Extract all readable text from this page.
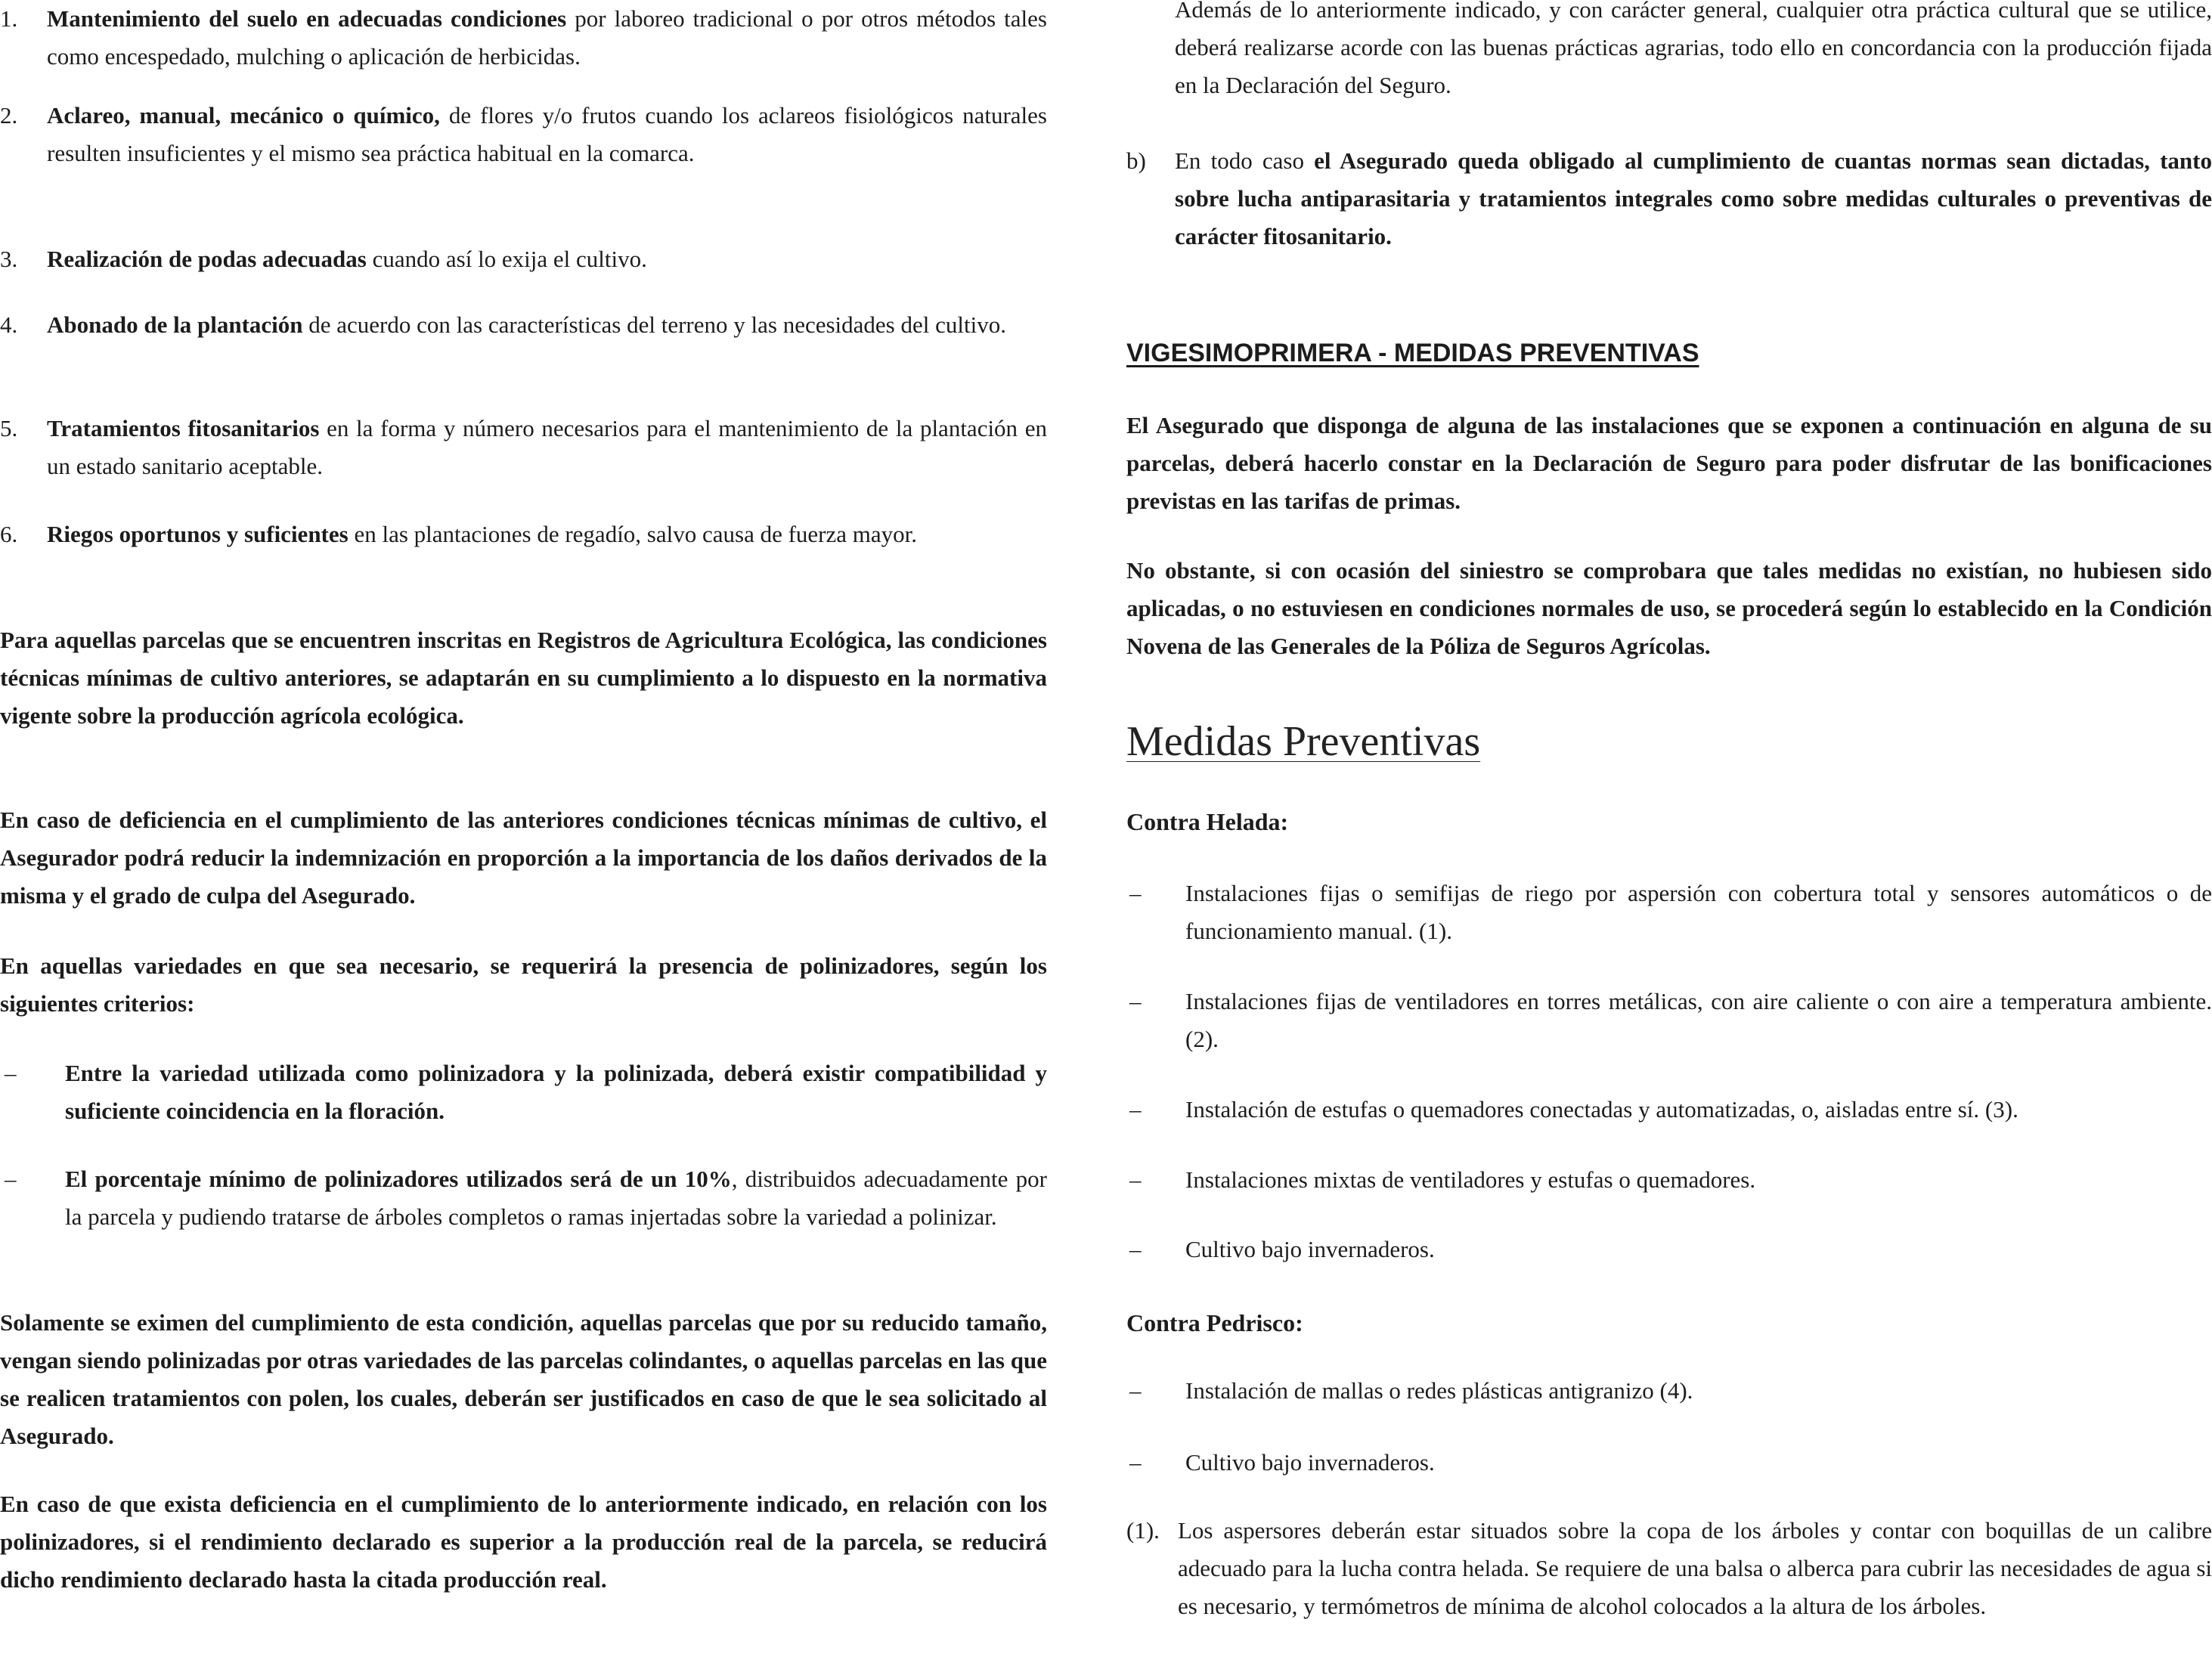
1. Mantenimiento del suelo en adecuadas condiciones por laboreo tradicional o por otros métodos tales como encespedado, mulching o aplicación de herbicidas.

2. Aclareo, manual, mecánico o químico, de flores y/o frutos cuando los aclareos fisiológicos naturales resulten insuficientes y el mismo sea práctica habitual en la comarca.

3. Realización de podas adecuadas cuando así lo exija el cultivo.

4. Abonado de la plantación de acuerdo con las características del terreno y las necesidades del cultivo.

5. Tratamientos fitosanitarios en la forma y número necesarios para el mantenimiento de la plantación en un estado sanitario aceptable.

6. Riegos oportunos y suficientes en las plantaciones de regadío, salvo causa de fuerza mayor.

Para aquellas parcelas que se encuentren inscritas en Registros de Agricultura Ecológica, las condiciones técnicas mínimas de cultivo anteriores, se adaptarán en su cumplimiento a lo dispuesto en la normativa vigente sobre la producción agrícola ecológica.

En caso de deficiencia en el cumplimiento de las anteriores condiciones técnicas mínimas de cultivo, el Asegurador podrá reducir la indemnización en proporción a la importancia de los daños derivados de la misma y el grado de culpa del Asegurado.

En aquellas variedades en que sea necesario, se requerirá la presencia de polinizadores, según los siguientes criterios:

– Entre la variedad utilizada como polinizadora y la polinizada, deberá existir compatibilidad y suficiente coincidencia en la floración.

– El porcentaje mínimo de polinizadores utilizados será de un 10%, distribuidos adecuadamente por la parcela y pudiendo tratarse de árboles completos o ramas injertadas sobre la variedad a polinizar.

Solamente se eximen del cumplimiento de esta condición, aquellas parcelas que por su reducido tamaño, vengan siendo polinizadas por otras variedades de las parcelas colindantes, o aquellas parcelas en las que se realicen tratamientos con polen, los cuales, deberán ser justificados en caso de que le sea solicitado al Asegurado.

En caso de que exista deficiencia en el cumplimiento de lo anteriormente indicado, en relación con los polinizadores, si el rendimiento declarado es superior a la producción real de la parcela, se reducirá dicho rendimiento declarado hasta la citada producción real.

Además de lo anteriormente indicado, y con carácter general, cualquier otra práctica cultural que se utilice, deberá realizarse acorde con las buenas prácticas agrarias, todo ello en concordancia con la producción fijada en la Declaración del Seguro.

b) En todo caso el Asegurado queda obligado al cumplimiento de cuantas normas sean dictadas, tanto sobre lucha antiparasitaria y tratamientos integrales como sobre medidas culturales o preventivas de carácter fitosanitario.

VIGESIMOPRIMERA - MEDIDAS PREVENTIVAS

El Asegurado que disponga de alguna de las instalaciones que se exponen a continuación en alguna de su parcelas, deberá hacerlo constar en la Declaración de Seguro para poder disfrutar de las bonificaciones previstas en las tarifas de primas.

No obstante, si con ocasión del siniestro se comprobara que tales medidas no existían, no hubiesen sido aplicadas, o no estuviesen en condiciones normales de uso, se procederá según lo establecido en la Condición Novena de las Generales de la Póliza de Seguros Agrícolas.

Medidas Preventivas
Contra Helada:
– Instalaciones fijas o semifijas de riego por aspersión con cobertura total y sensores automáticos o de funcionamiento manual. (1).

– Instalaciones fijas de ventiladores en torres metálicas, con aire caliente o con aire a temperatura ambiente. (2).

– Instalación de estufas o quemadores conectadas y automatizadas, o, aisladas entre sí. (3).

– Instalaciones mixtas de ventiladores y estufas o quemadores.

– Cultivo bajo invernaderos.

Contra Pedrisco:
– Instalación de mallas o redes plásticas antigranizo (4).

– Cultivo bajo invernaderos.

(1). Los aspersores deberán estar situados sobre la copa de los árboles y contar con boquillas de un calibre adecuado para la lucha contra helada. Se requiere de una balsa o alberca para cubrir las necesidades de agua si es necesario, y termómetros de mínima de alcohol colocados a la altura de los árboles.
